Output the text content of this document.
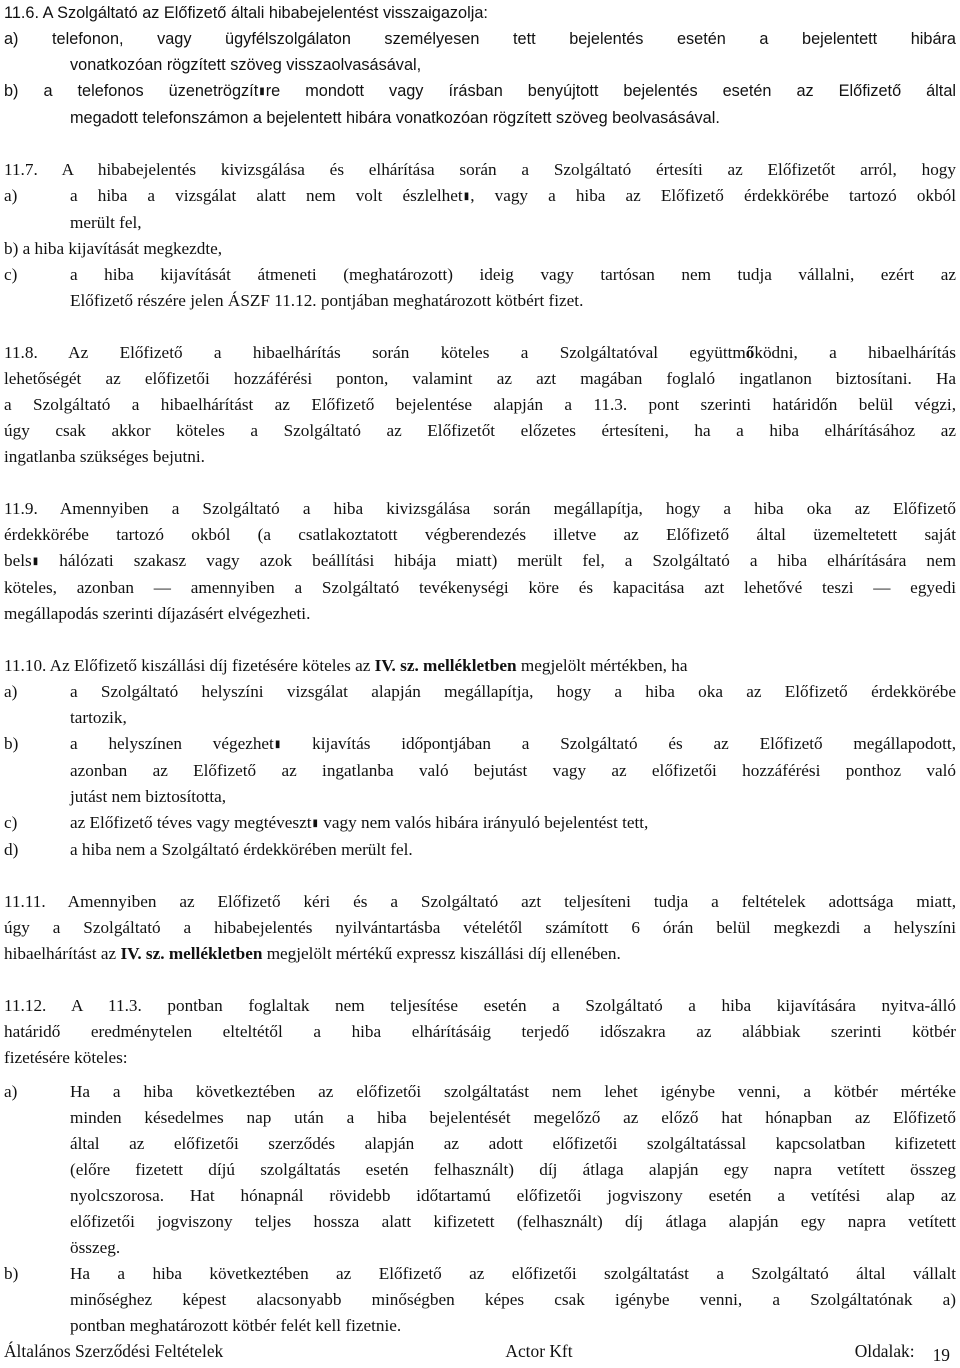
11.6. A Szolgáltató az Előfizető általi hibabejelentést visszaigazolja:

a) telefonon, vagy ügyfélszolgálaton személyesen tett bejelentés esetén a bejelentett hibára

vonatkozóan rögzített szöveg visszaolvasásával,

b) a telefonos üzenetrögzít▮re mondott vagy írásban benyújtott bejelentés esetén az Előfizető által

megadott telefonszámon a bejelentett hibára vonatkozóan rögzített szöveg beolvasásával.

11.7. A hibabejelentés kivizsgálása és elhárítása során a Szolgáltató értesíti az Előfizetőt arról, hogy

a)	a hiba a vizsgálat alatt nem volt észlelhet▮, vagy a hiba az Előfizető érdekkörébe tartozó okból

merült fel,

b) a hiba kijavítását megkezdte,

c)	a hiba kijavítását átmeneti (meghatározott) ideig vagy tartósan nem tudja vállalni, ezért az

Előfizető részére jelen ÁSZF 11.12. pontjában meghatározott kötbért fizet.

11.8. Az Előfizető a hibaelhárítás során köteles a Szolgáltatóval együttmőködni, a hibaelhárítás

lehetőségét az előfizetői hozzáférési ponton, valamint az azt magában foglaló ingatlanon biztosítani. Ha

a Szolgáltató a hibaelhárítást az Előfizető bejelentése alapján a 11.3. pont szerinti határidőn belül végzi,

úgy csak akkor köteles a Szolgáltató az Előfizetőt előzetes értesíteni, ha a hiba elhárításához az

ingatlanba szükséges bejutni.

11.9. Amennyiben a Szolgáltató a hiba kivizsgálása során megállapítja, hogy a hiba oka az Előfizető

érdekkörébe tartozó okból (a csatlakoztatott végberendezés illetve az Előfizető által üzemeltetett saját

bels▮ hálózati szakasz vagy azok beállítási hibája miatt) merült fel, a Szolgáltató a hiba elhárítására nem

köteles, azonban — amennyiben a Szolgáltató tevékenységi köre és kapacitása azt lehetővé teszi — egyedi

megállapodás szerinti díjazásért elvégezheti.

11.10. Az Előfizető kiszállási díj fizetésére köteles az IV. sz. mellékletben megjelölt mértékben, ha

a)	a Szolgáltató helyszíni vizsgálat alapján megállapítja, hogy a hiba oka az Előfizető érdekkörébe

tartozik,

b)	a helyszínen végezhet▮ kijavítás időpontjában a Szolgáltató és az Előfizető megállapodott,

azonban az Előfizető az ingatlanba való bejutást vagy az előfizetői hozzáférési ponthoz való

jutást nem biztosította,

c)	az Előfizető téves vagy megtéveszt▮ vagy nem valós hibára irányuló bejelentést tett,

d)	a hiba nem a Szolgáltató érdekkörében merült fel.

11.11. Amennyiben az Előfizető kéri és a Szolgáltató azt teljesíteni tudja a feltételek adottsága miatt,

úgy a Szolgáltató a hibabejelentés nyilvántartásba vételétől számított 6 órán belül megkezdi a helyszíni

hibaelhárítást az IV. sz. mellékletben megjelölt mértékű expressz kiszállási díj ellenében.

11.12. A 11.3. pontban foglaltak nem teljesítése esetén a Szolgáltató a hiba kijavítására nyitva-álló

határidő eredménytelen elteltétől a hiba elhárításáig terjedő időszakra az alábbiak szerinti kötbér

fizetésére köteles:

a)	Ha a hiba következtében az előfizetői szolgáltatást nem lehet igénybe venni, a kötbér mértéke

minden késedelmes nap után a hiba bejelentését megelőző az előző hat hónapban az Előfizető

által az előfizetői szerződés alapján az adott előfizetői szolgáltatással kapcsolatban kifizetett

(előre fizetett díjú szolgáltatás esetén felhasznált) díj átlaga alapján egy napra vetített összeg

nyolcszorosa. Hat hónapnál rövidebb időtartamú előfizetői jogviszony esetén a vetítési alap az

előfizetői jogviszony teljes hossza alatt kifizetett (felhasznált) díj átlaga alapján egy napra vetített

összeg.

b)	Ha a hiba következtében az Előfizető az előfizetői szolgáltatást a Szolgáltató által vállalt

minőséghez képest alacsonyabb minőségben képes csak igénybe venni, a Szolgáltatónak a)

pontban meghatározott kötbér felét kell fizetnie.

Általános Szerződési Feltételek	Actor Kft	Oldalak: 19
